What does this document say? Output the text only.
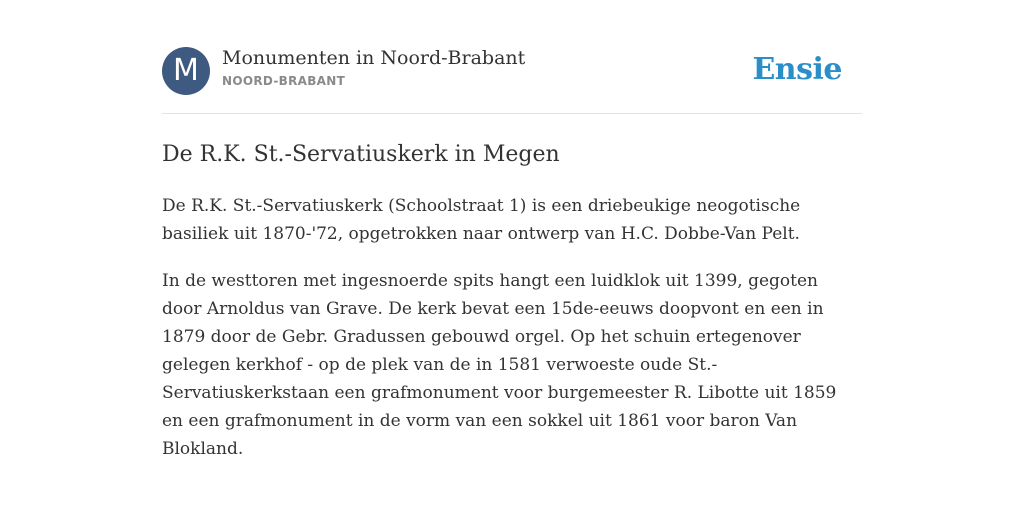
M	Monumenten in Noord-Brabant
NOORD-BRABANT	Ensie
De R.K. St.-Servatiuskerk in Megen

De R.K. St.-Servatiuskerk (Schoolstraat 1) is een driebeukige neogotische basiliek uit 1870-'72, opgetrokken naar ontwerp van H.C. Dobbe-Van Pelt.

In de westtoren met ingesnoerde spits hangt een luidklok uit 1399, gegoten door Arnoldus van Grave. De kerk bevat een 15de-eeuws doopvont en een in 1879 door de Gebr. Gradussen gebouwd orgel. Op het schuin ertegenover gelegen kerkhof - op de plek van de in 1581 verwoeste oude St.-Servatiuskerkstaan een grafmonument voor burgemeester R. Libotte uit 1859 en een grafmonument in de vorm van een sokkel uit 1861 voor baron Van Blokland.
